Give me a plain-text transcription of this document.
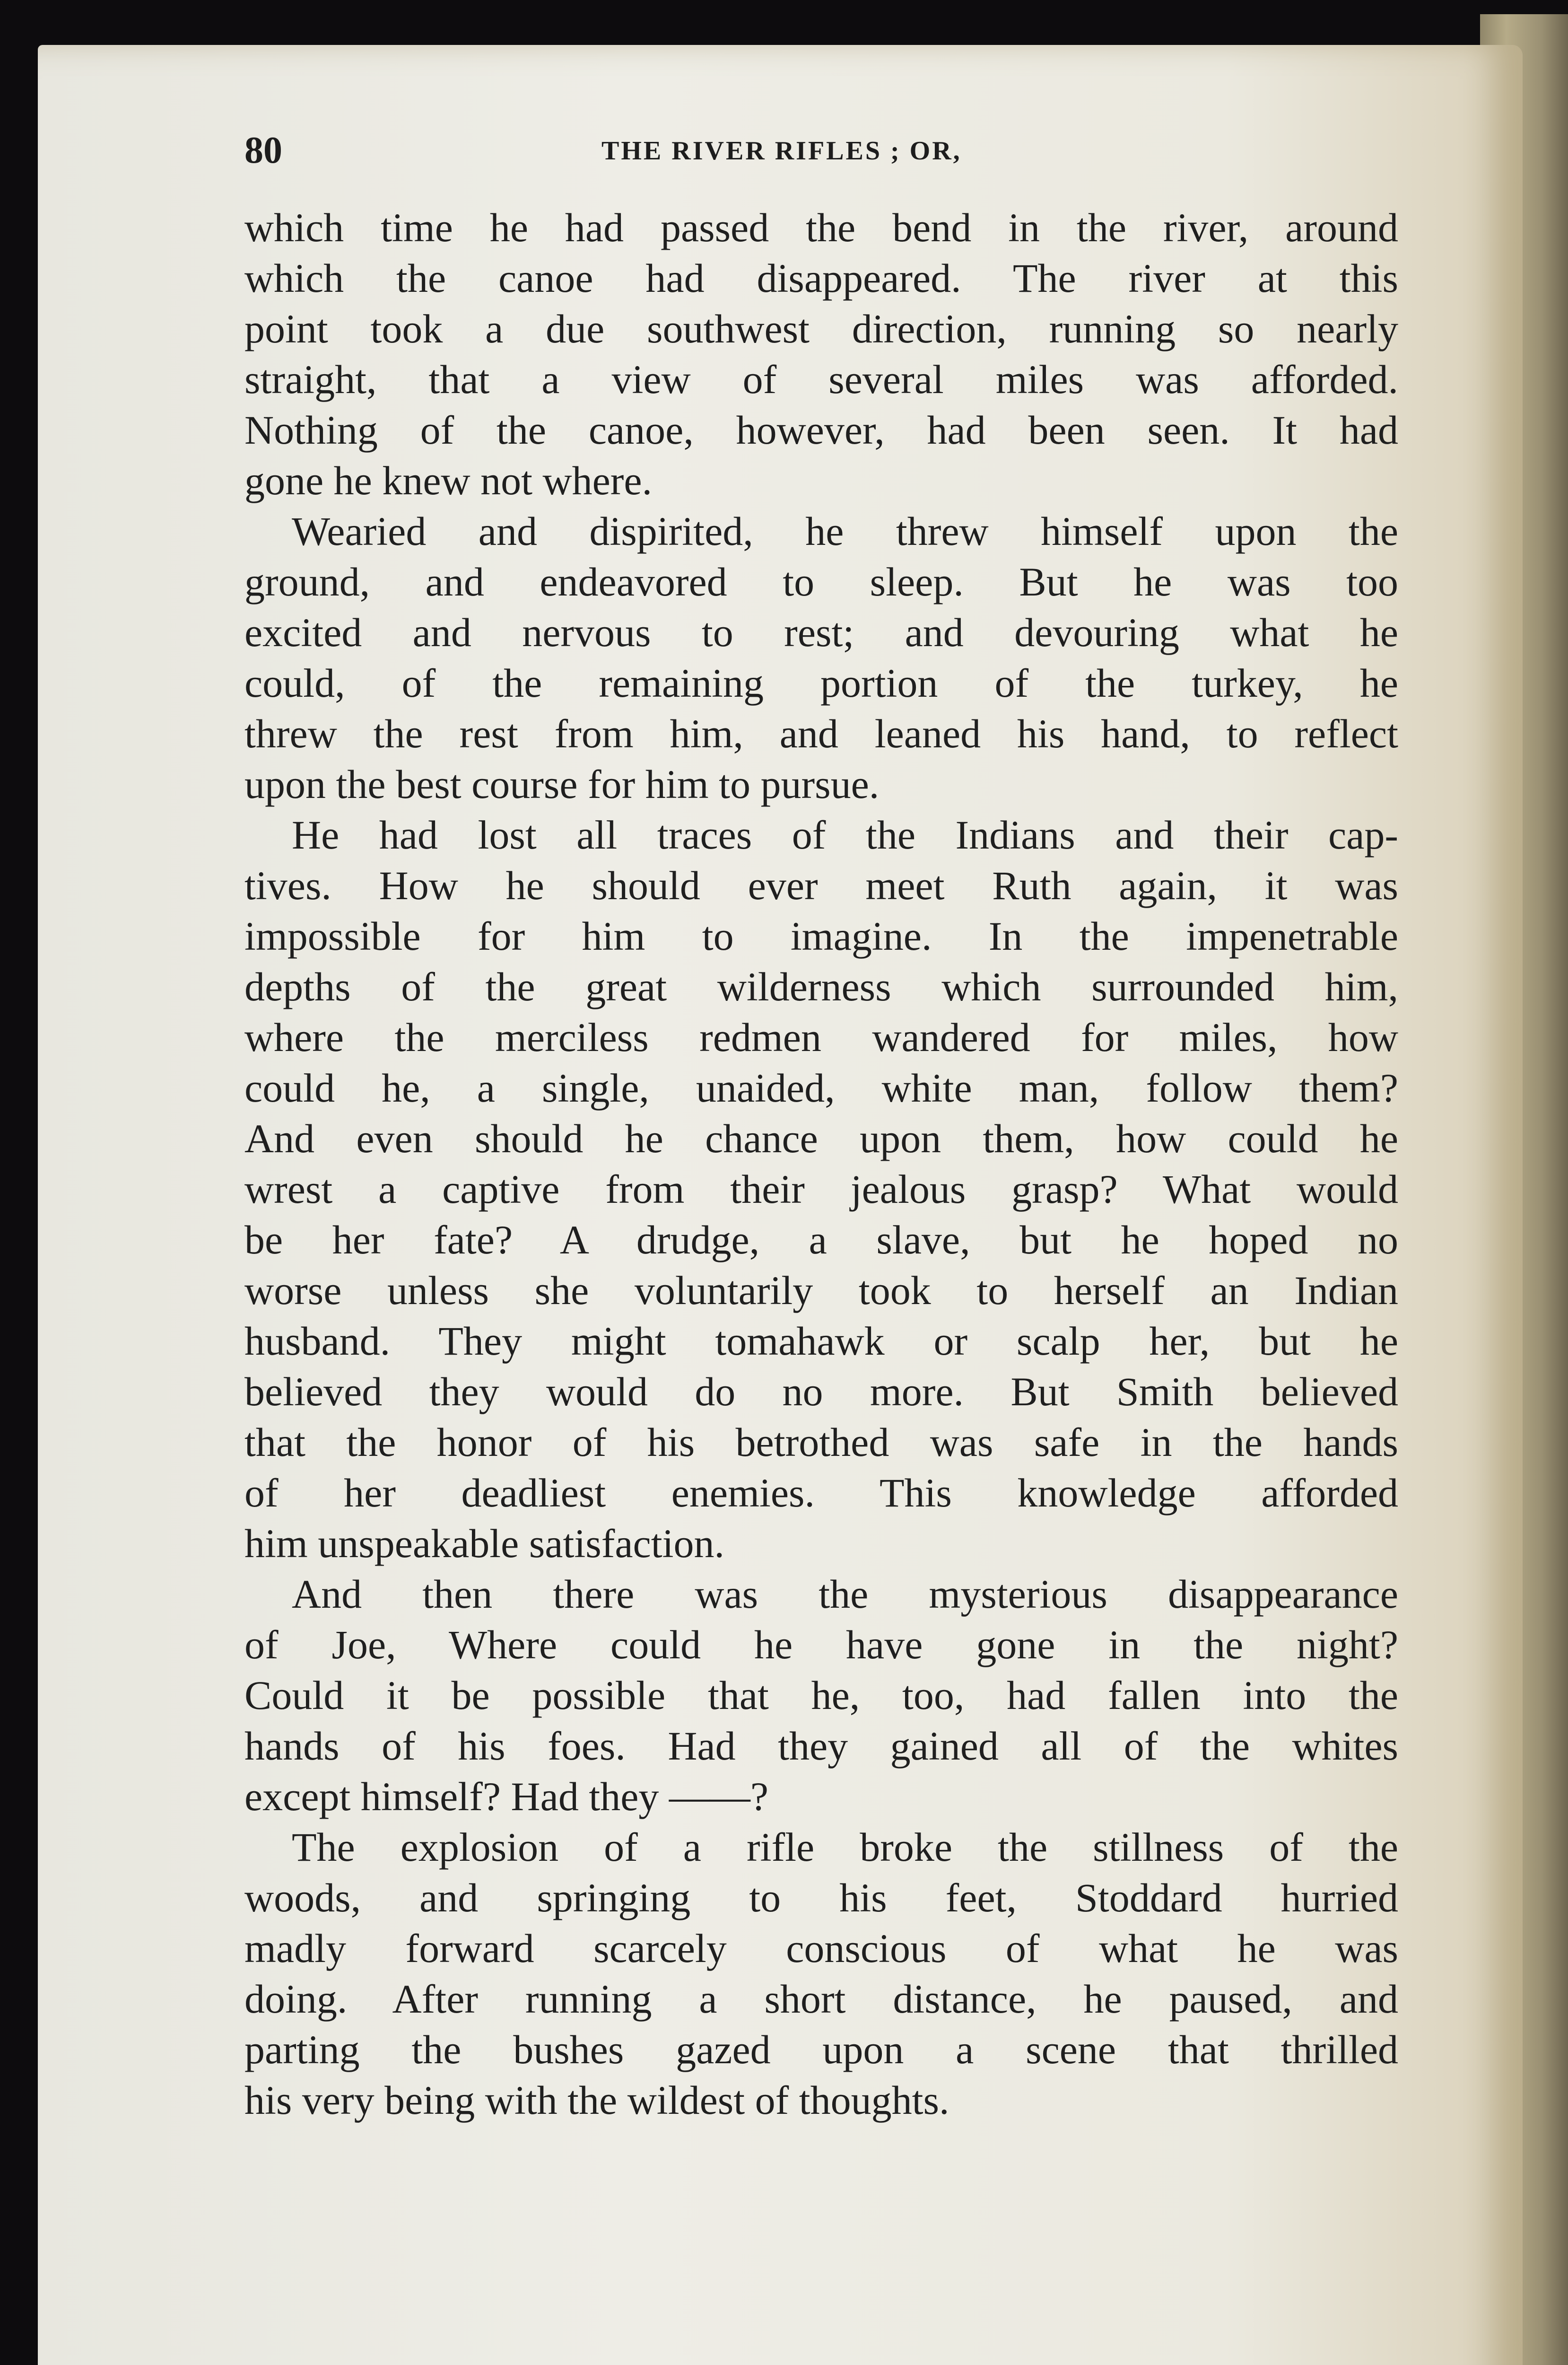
80	THE RIVER RIFLES ; OR,

which time he had passed the bend in the river, around

which the canoe had disappeared. The river at this

point took a due southwest direction, running so nearly

straight, that a view of several miles was afforded.

Nothing of the canoe, however, had been seen. It had

gone he knew not where.

Wearied and dispirited, he threw himself upon the

ground, and endeavored to sleep. But he was too

excited and nervous to rest; and devouring what he

could, of the remaining portion of the turkey, he

threw the rest from him, and leaned his hand, to reflect

upon the best course for him to pursue.

He had lost all traces of the Indians and their cap-

tives. How he should ever meet Ruth again, it was

impossible for him to imagine. In the impenetrable

depths of the great wilderness which surrounded him,

where the merciless redmen wandered for miles, how

could he, a single, unaided, white man, follow them?

And even should he chance upon them, how could he

wrest a captive from their jealous grasp? What would

be her fate? A drudge, a slave, but he hoped no

worse unless she voluntarily took to herself an Indian

husband. They might tomahawk or scalp her, but he

believed they would do no more. But Smith believed

that the honor of his betrothed was safe in the hands

of her deadliest enemies. This knowledge afforded

him unspeakable satisfaction.

And then there was the mysterious disappearance

of Joe, Where could he have gone in the night?

Could it be possible that he, too, had fallen into the

hands of his foes. Had they gained all of the whites

except himself? Had they ——?

The explosion of a rifle broke the stillness of the

woods, and springing to his feet, Stoddard hurried

madly forward scarcely conscious of what he was

doing. After running a short distance, he paused, and

parting the bushes gazed upon a scene that thrilled

his very being with the wildest of thoughts.
